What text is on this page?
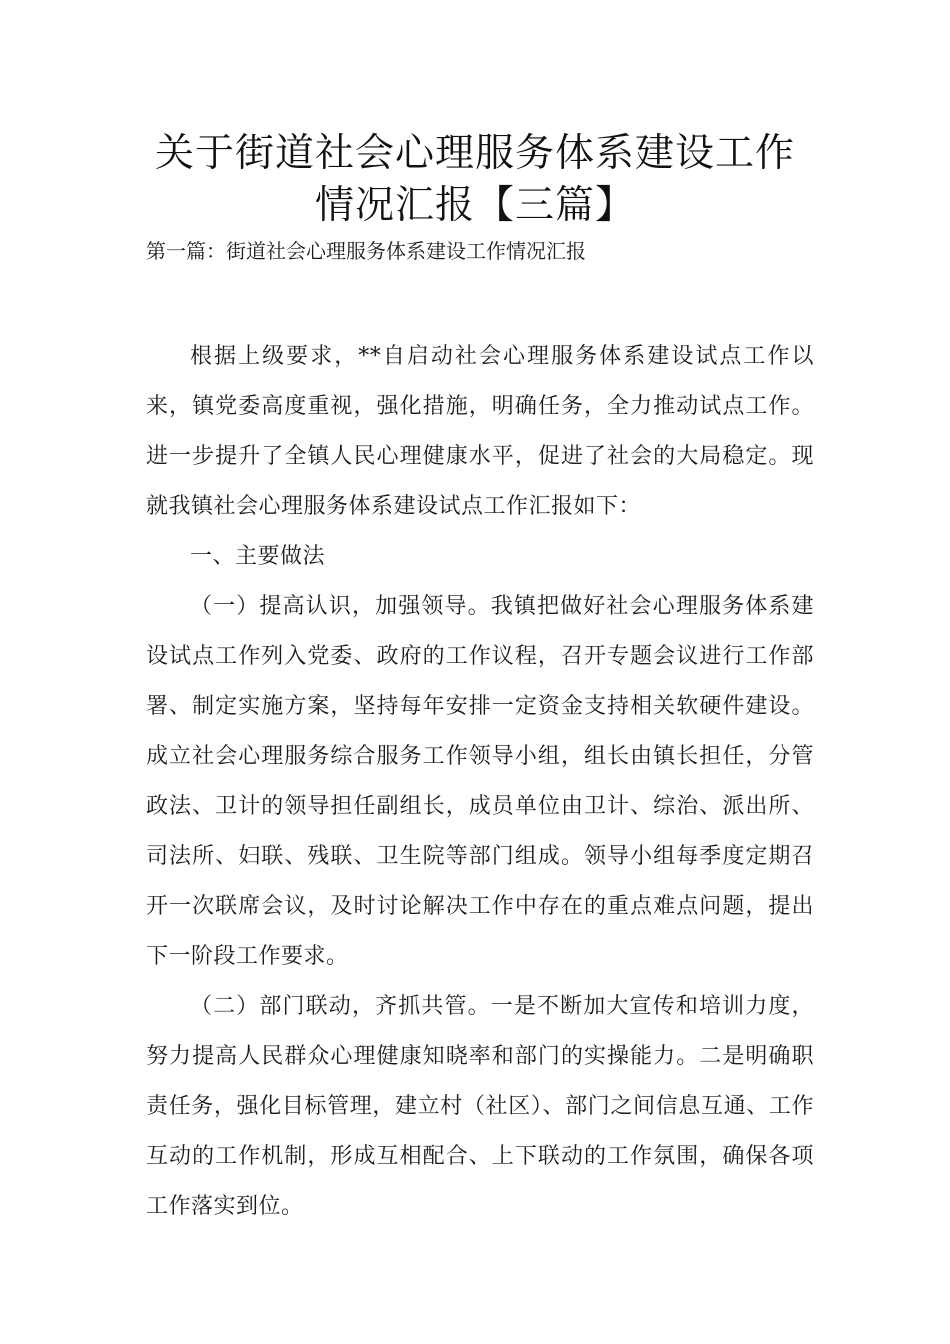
关于街道社会心理服务体系建设工作情况汇报【三篇】

第一篇：街道社会心理服务体系建设工作情况汇报

根据上级要求，**自启动社会心理服务体系建设试点工作以来，镇党委高度重视，强化措施，明确任务，全力推动试点工作。进一步提升了全镇人民心理健康水平，促进了社会的大局稳定。现就我镇社会心理服务体系建设试点工作汇报如下：

一、主要做法

（一）提高认识，加强领导。我镇把做好社会心理服务体系建设试点工作列入党委、政府的工作议程，召开专题会议进行工作部署、制定实施方案，坚持每年安排一定资金支持相关软硬件建设。成立社会心理服务综合服务工作领导小组，组长由镇长担任，分管政法、卫计的领导担任副组长，成员单位由卫计、综治、派出所、司法所、妇联、残联、卫生院等部门组成。领导小组每季度定期召开一次联席会议，及时讨论解决工作中存在的重点难点问题，提出下一阶段工作要求。

（二）部门联动，齐抓共管。一是不断加大宣传和培训力度，努力提高人民群众心理健康知晓率和部门的实操能力。二是明确职责任务，强化目标管理，建立村（社区）、部门之间信息互通、工作互动的工作机制，形成互相配合、上下联动的工作氛围，确保各项工作落实到位。
